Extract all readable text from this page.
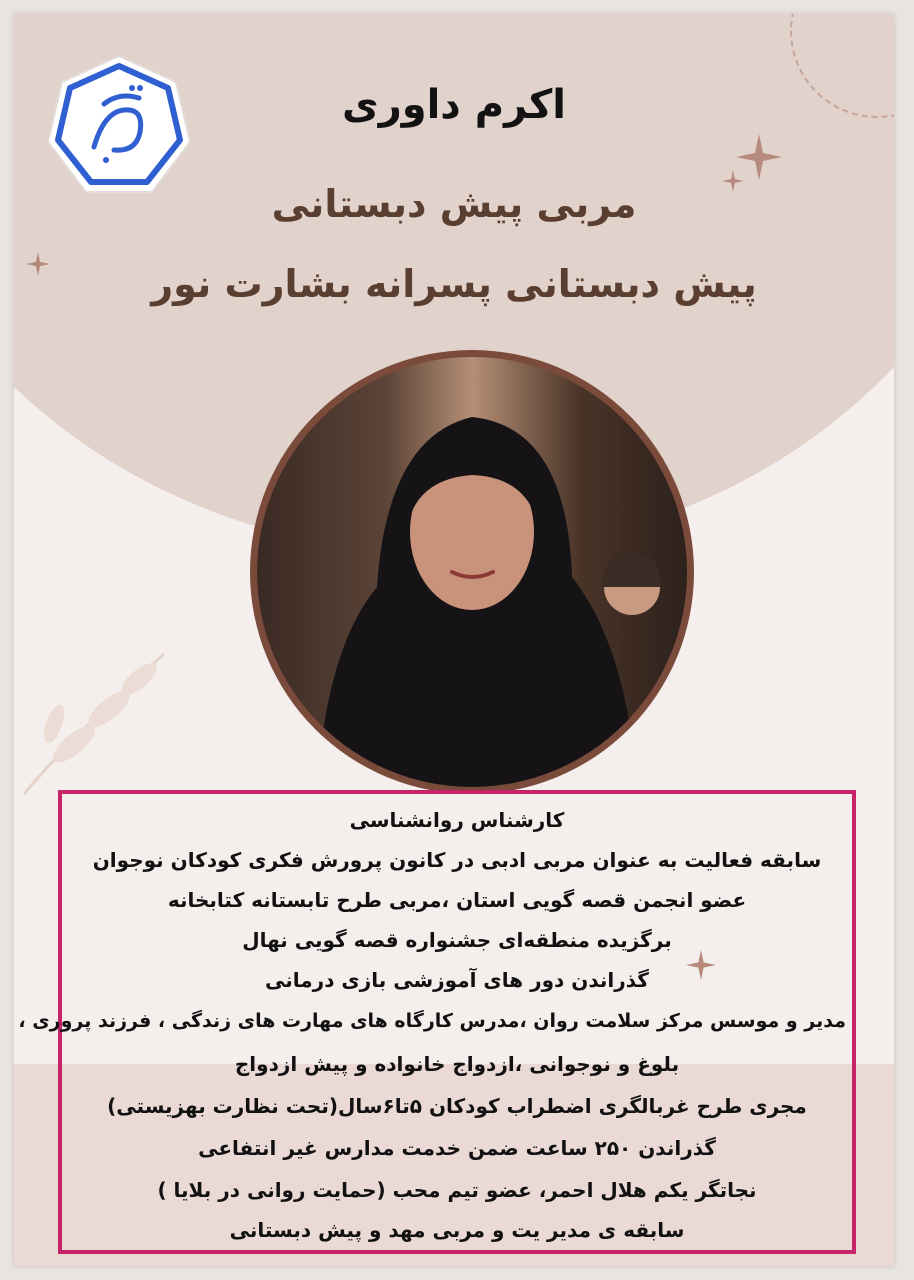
اکرم داوری
مربی پیش دبستانی
پیش دبستانی پسرانه بشارت نور
کارشناس روانشناسی
سابقه فعالیت به عنوان مربی ادبی در کانون پرورش فکری کودکان نوجوان
عضو انجمن قصه گویی استان ،مربی طرح تابستانه کتابخانه
برگزیده منطقه‌ای جشنواره قصه گویی نهال
گذراندن دور های آموزشی بازی درمانی
مدیر و موسس مرکز سلامت روان ،مدرس کارگاه های مهارت های زندگی ، فرزند پروری ،
بلوغ و نوجوانی ،ازدواج خانواده و پیش ازدواج
مجری طرح غربالگری اضطراب کودکان ۵تا۶سال(تحت نظارت بهزیستی)
گذراندن ۲۵۰ ساعت ضمن خدمت مدارس غیر انتفاعی
نجاتگر یکم هلال احمر، عضو تیم محب (حمایت روانی در بلایا )
سابقه ی مدیر یت و مربی مهد و پیش دبستانی
